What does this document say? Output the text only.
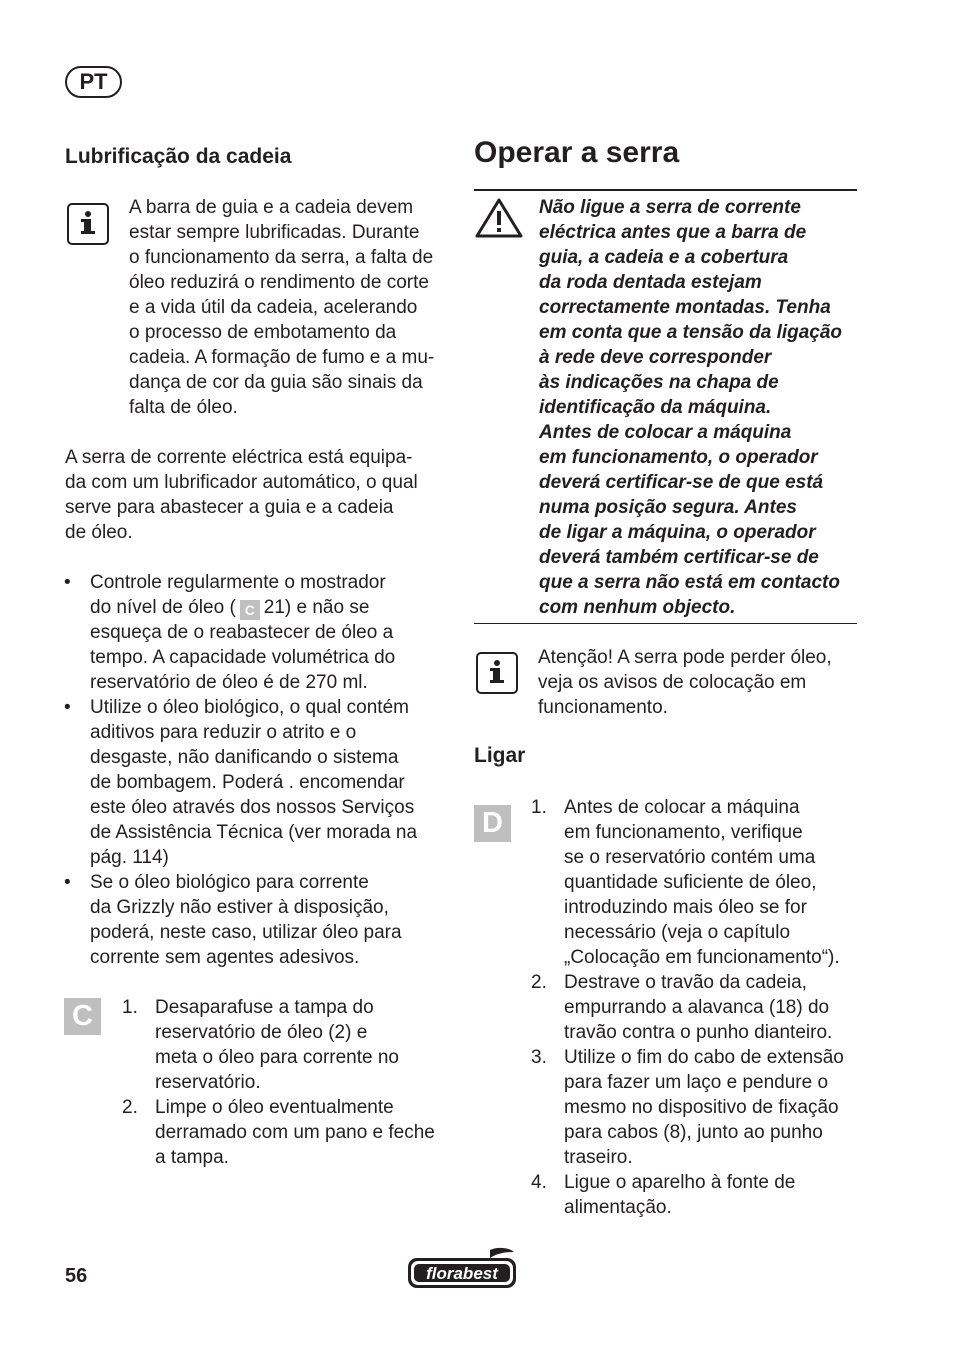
PT
Lubrificação da cadeia
A barra de guia e a cadeia devem
estar sempre lubrificadas. Durante
o funcionamento da serra, a falta de
óleo reduzirá o rendimento de corte
e a vida útil da cadeia, acelerando
o processo de embotamento da
cadeia. A formação de fumo e a mu-
dança de cor da guia são sinais da
falta de óleo.
A serra de corrente eléctrica está equipa-
da com um lubrificador automático, o qual
serve para abastecer a guia e a cadeia
de óleo.
• Controle regularmente o mostrador
do nível de óleo ( C 21) e não se
esqueça de o reabastecer de óleo a
tempo. A capacidade volumétrica do
reservatório de óleo é de 270 ml.
• Utilize o óleo biológico, o qual contém
aditivos para reduzir o atrito e o
desgaste, não danificando o sistema
de bombagem. Poderá . encomendar
este óleo através dos nossos Serviços
de Assistência Técnica (ver morada na
pág. 114)
• Se o óleo biológico para corrente
da Grizzly não estiver à disposição,
poderá, neste caso, utilizar óleo para
corrente sem agentes adesivos.
C	1. Desaparafuse a tampa do
reservatório de óleo (2) e
meta o óleo para corrente no
reservatório.
2. Limpe o óleo eventualmente
derramado com um pano e feche
a tampa.
Operar a serra
Não ligue a serra de corrente
eléctrica antes que a barra de
guia, a cadeia e a cobertura
da roda dentada estejam
correctamente montadas. Tenha
em conta que a tensão da ligação
à rede deve corresponder
às indicações na chapa de
identificação da máquina.
Antes de colocar a máquina
em funcionamento, o operador
deverá certificar-se de que está
numa posição segura. Antes
de ligar a máquina, o operador
deverá também certificar-se de
que a serra não está em contacto
com nenhum objecto.
Atenção! A serra pode perder óleo,
veja os avisos de colocação em
funcionamento.
Ligar
D	1. Antes de colocar a máquina
em funcionamento, verifique
se o reservatório contém uma
quantidade suficiente de óleo,
introduzindo mais óleo se for
necessário (veja o capítulo
„Colocação em funcionamento“).
2. Destrave o travão da cadeia,
empurrando a alavanca (18) do
travão contra o punho dianteiro.
3. Utilize o fim do cabo de extensão
para fazer um laço e pendure o
mesmo no dispositivo de fixação
para cabos (8), junto ao punho
traseiro.
4. Ligue o aparelho à fonte de
alimentação.
56	florabest
